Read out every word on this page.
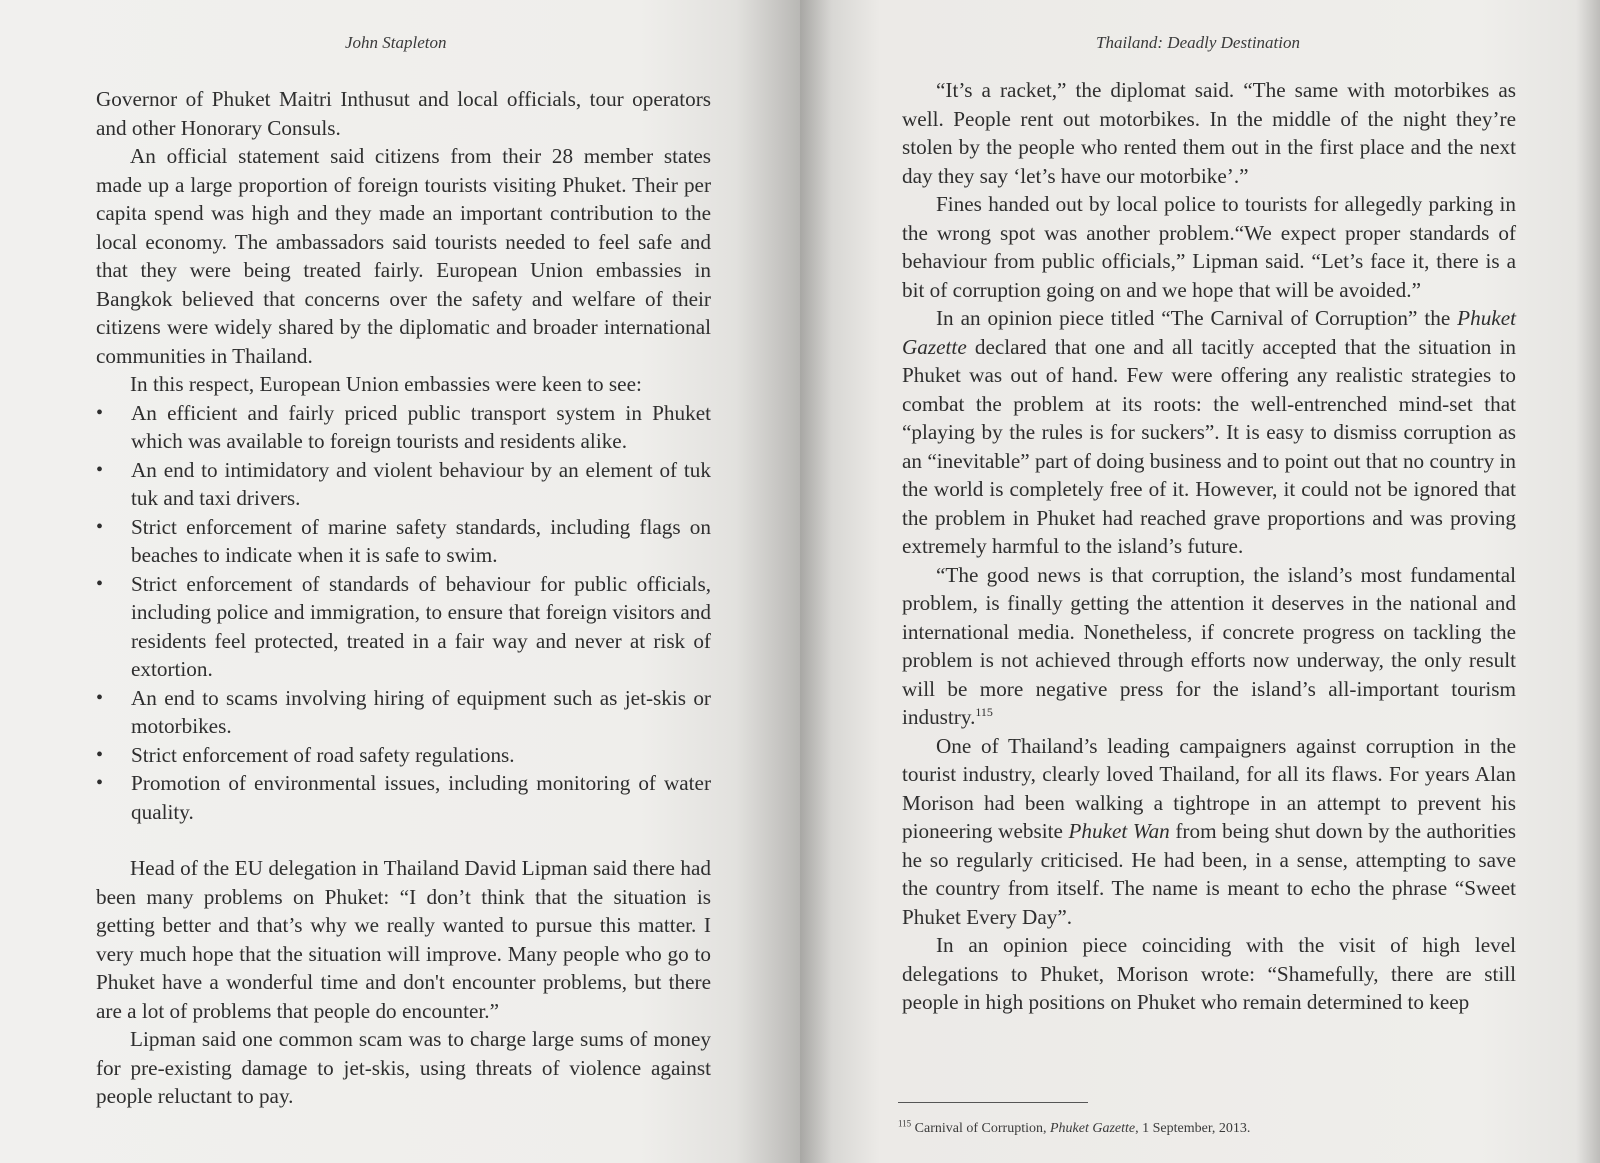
John Stapleton

Governor of Phuket Maitri Inthusut and local officials, tour operators and other Honorary Consuls.

An official statement said citizens from their 28 member states made up a large proportion of foreign tourists visiting Phuket. Their per capita spend was high and they made an important contribution to the local economy. The ambassadors said tourists needed to feel safe and that they were being treated fairly. European Union embassies in Bangkok believed that concerns over the safety and welfare of their citizens were widely shared by the diplomatic and broader international communities in Thailand.

In this respect, European Union embassies were keen to see:

• An efficient and fairly priced public transport system in Phuket which was available to foreign tourists and residents alike.
• An end to intimidatory and violent behaviour by an element of tuk tuk and taxi drivers.
• Strict enforcement of marine safety standards, including flags on beaches to indicate when it is safe to swim.
• Strict enforcement of standards of behaviour for public officials, including police and immigration, to ensure that foreign visitors and residents feel protected, treated in a fair way and never at risk of extortion.
• An end to scams involving hiring of equipment such as jet-skis or motorbikes.
• Strict enforcement of road safety regulations.
• Promotion of environmental issues, including monitoring of water quality.

Head of the EU delegation in Thailand David Lipman said there had been many problems on Phuket: “I don’t think that the situation is getting better and that’s why we really wanted to pursue this matter. I very much hope that the situation will improve. Many people who go to Phuket have a wonderful time and don't encounter problems, but there are a lot of problems that people do encounter.”

Lipman said one common scam was to charge large sums of money for pre-existing damage to jet-skis, using threats of violence against people reluctant to pay.

Thailand: Deadly Destination

“It’s a racket,” the diplomat said. “The same with motorbikes as well. People rent out motorbikes. In the middle of the night they’re stolen by the people who rented them out in the first place and the next day they say ‘let’s have our motorbike’.”

Fines handed out by local police to tourists for allegedly parking in the wrong spot was another problem.“We expect proper standards of behaviour from public officials,” Lipman said. “Let’s face it, there is a bit of corruption going on and we hope that will be avoided.”

In an opinion piece titled “The Carnival of Corruption” the Phuket Gazette declared that one and all tacitly accepted that the situation in Phuket was out of hand. Few were offering any realistic strategies to combat the problem at its roots: the well-entrenched mind-set that “playing by the rules is for suckers”. It is easy to dismiss corruption as an “inevitable” part of doing business and to point out that no country in the world is completely free of it. However, it could not be ignored that the problem in Phuket had reached grave proportions and was proving extremely harmful to the island’s future.

“The good news is that corruption, the island’s most fundamental problem, is finally getting the attention it deserves in the national and international media. Nonetheless, if concrete progress on tackling the problem is not achieved through efforts now underway, the only result will be more negative press for the island’s all-important tourism industry.$^{115}$

One of Thailand’s leading campaigners against corruption in the tourist industry, clearly loved Thailand, for all its flaws. For years Alan Morison had been walking a tightrope in an attempt to prevent his pioneering website Phuket Wan from being shut down by the authorities he so regularly criticised. He had been, in a sense, attempting to save the country from itself. The name is meant to echo the phrase “Sweet Phuket Every Day”.

In an opinion piece coinciding with the visit of high level delegations to Phuket, Morison wrote: “Shamefully, there are still people in high positions on Phuket who remain determined to keep

$^{115}$ Carnival of Corruption, Phuket Gazette, 1 September, 2013.
